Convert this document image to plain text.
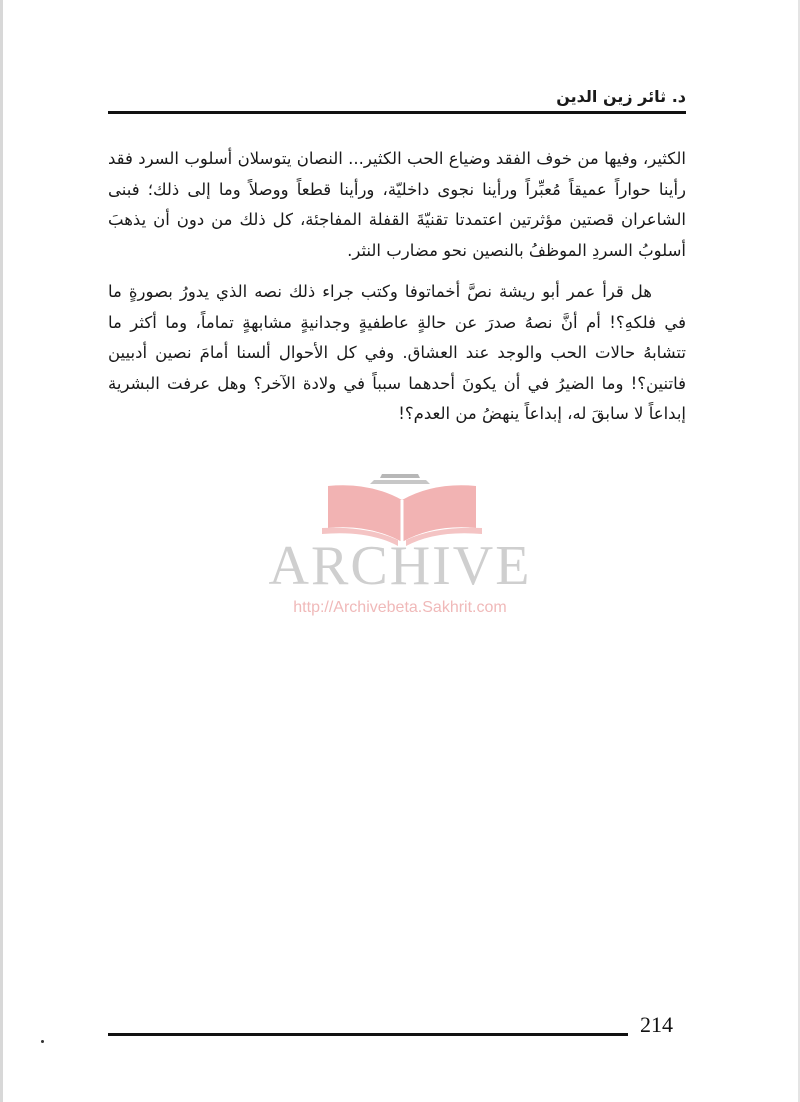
د. ثائر زين الدين

الكثير، وفيها من خوف الفقد وضياع الحب الكثير... النصان يتوسلان أسلوب السرد فقد رأينا حواراً عميقاً مُعبِّراً ورأينا نجوى داخليّة، ورأينا قطعاً ووصلاً وما إلى ذلك؛ فبنى الشاعران قصتين مؤثرتين اعتمدتا تقنيّةَ القفلة المفاجئة، كل ذلك من دون أن يذهبَ أسلوبُ السردِ الموظفُ بالنصين نحو مضارب النثر.

هل قرأ عمر أبو ريشة نصَّ أخماتوفا وكتب جراء ذلك نصه الذي يدورُ بصورةٍ ما في فلكهِ؟! أم أنَّ نصهُ صدرَ عن حالةٍ عاطفيةٍ وجدانيةٍ مشابهةٍ تماماً، وما أكثر ما تتشابهُ حالات الحب والوجد عند العشاق. وفي كل الأحوال ألسنا أمامَ نصين أدبيين فاتنين؟! وما الضيرُ في أن يكونَ أحدهما سبباً في ولادة الآخر؟ وهل عرفت البشرية إبداعاً لا سابقَ له، إبداعاً ينهضُ من العدم؟!

ARCHIVE
http://Archivebeta.Sakhrit.com
214
